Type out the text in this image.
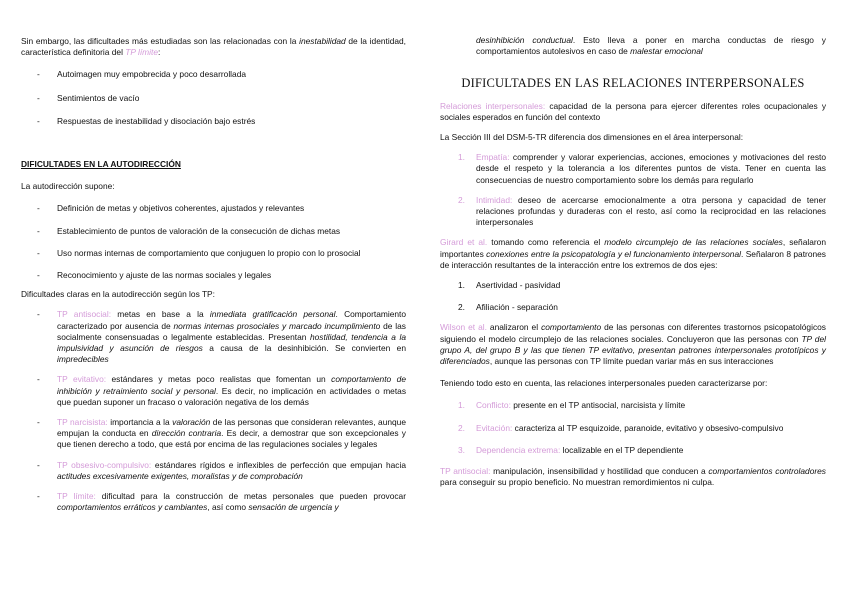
Sin embargo, las dificultades más estudiadas son las relacionadas con la inestabilidad de la identidad, característica definitoria del TP límite:

- Autoimagen muy empobrecida y poco desarrollada

- Sentimientos de vacío

- Respuestas de inestabilidad y disociación bajo estrés

DIFICULTADES EN LA AUTODIRECCIÓN

La autodirección supone:

- Definición de metas y objetivos coherentes, ajustados y relevantes

- Establecimiento de puntos de valoración de la consecución de dichas metas

- Uso normas internas de comportamiento que conjuguen lo propio con lo prosocial

- Reconocimiento y ajuste de las normas sociales y legales

Dificultades claras en la autodirección según los TP:

- TP antisocial: metas en base a la inmediata gratificación personal. Comportamiento caracterizado por ausencia de normas internas prosociales y marcado incumplimiento de las socialmente consensuadas o legalmente establecidas. Presentan hostilidad, tendencia a la impulsividad y asunción de riesgos a causa de la desinhibición. Se convierten en impredecibles

- TP evitativo: estándares y metas poco realistas que fomentan un comportamiento de inhibición y retraimiento social y personal. Es decir, no implicación en actividades o metas que puedan suponer un fracaso o valoración negativa de los demás

- TP narcisista: importancia a la valoración de las personas que consideran relevantes, aunque empujan la conducta en dirección contraria. Es decir, a demostrar que son excepcionales y que tienen derecho a todo, que está por encima de las regulaciones sociales y legales

- TP obsesivo-compulsivo: estándares rígidos e inflexibles de perfección que empujan hacia actitudes excesivamente exigentes, moralistas y de comprobación

- TP límite: dificultad para la construcción de metas personales que pueden provocar comportamientos erráticos y cambiantes, así como sensación de urgencia y

desinhibición conductual. Esto lleva a poner en marcha conductas de riesgo y comportamientos autolesivos en caso de malestar emocional

DIFICULTADES EN LAS RELACIONES INTERPERSONALES

Relaciones interpersonales: capacidad de la persona para ejercer diferentes roles ocupacionales y sociales esperados en función del contexto

La Sección III del DSM-5-TR diferencia dos dimensiones en el área interpersonal:

1. Empatía: comprender y valorar experiencias, acciones, emociones y motivaciones del resto desde el respeto y la tolerancia a los diferentes puntos de vista. Tener en cuenta las consecuencias de nuestro comportamiento sobre los demás para regularlo

2. Intimidad: deseo de acercarse emocionalmente a otra persona y capacidad de tener relaciones profundas y duraderas con el resto, así como la reciprocidad en las relaciones interpersonales

Girard et al. tomando como referencia el modelo circumplejo de las relaciones sociales, señalaron importantes conexiones entre la psicopatología y el funcionamiento interpersonal. Señalaron 8 patrones de interacción resultantes de la interacción entre los extremos de dos ejes:

1. Asertividad - pasividad

2. Afiliación - separación

Wilson et al. analizaron el comportamiento de las personas con diferentes trastornos psicopatológicos siguiendo el modelo circumplejo de las relaciones sociales. Concluyeron que las personas con TP del grupo A, del grupo B y las que tienen TP evitativo, presentan patrones interpersonales prototípicos y diferenciados, aunque las personas con TP límite puedan variar más en sus interacciones

Teniendo todo esto en cuenta, las relaciones interpersonales pueden caracterizarse por:

1. Conflicto: presente en el TP antisocial, narcisista y límite

2. Evitación: caracteriza al TP esquizoide, paranoide, evitativo y obsesivo-compulsivo

3. Dependencia extrema: localizable en el TP dependiente

TP antisocial: manipulación, insensibilidad y hostilidad que conducen a comportamientos controladores para conseguir su propio beneficio. No muestran remordimientos ni culpa.
